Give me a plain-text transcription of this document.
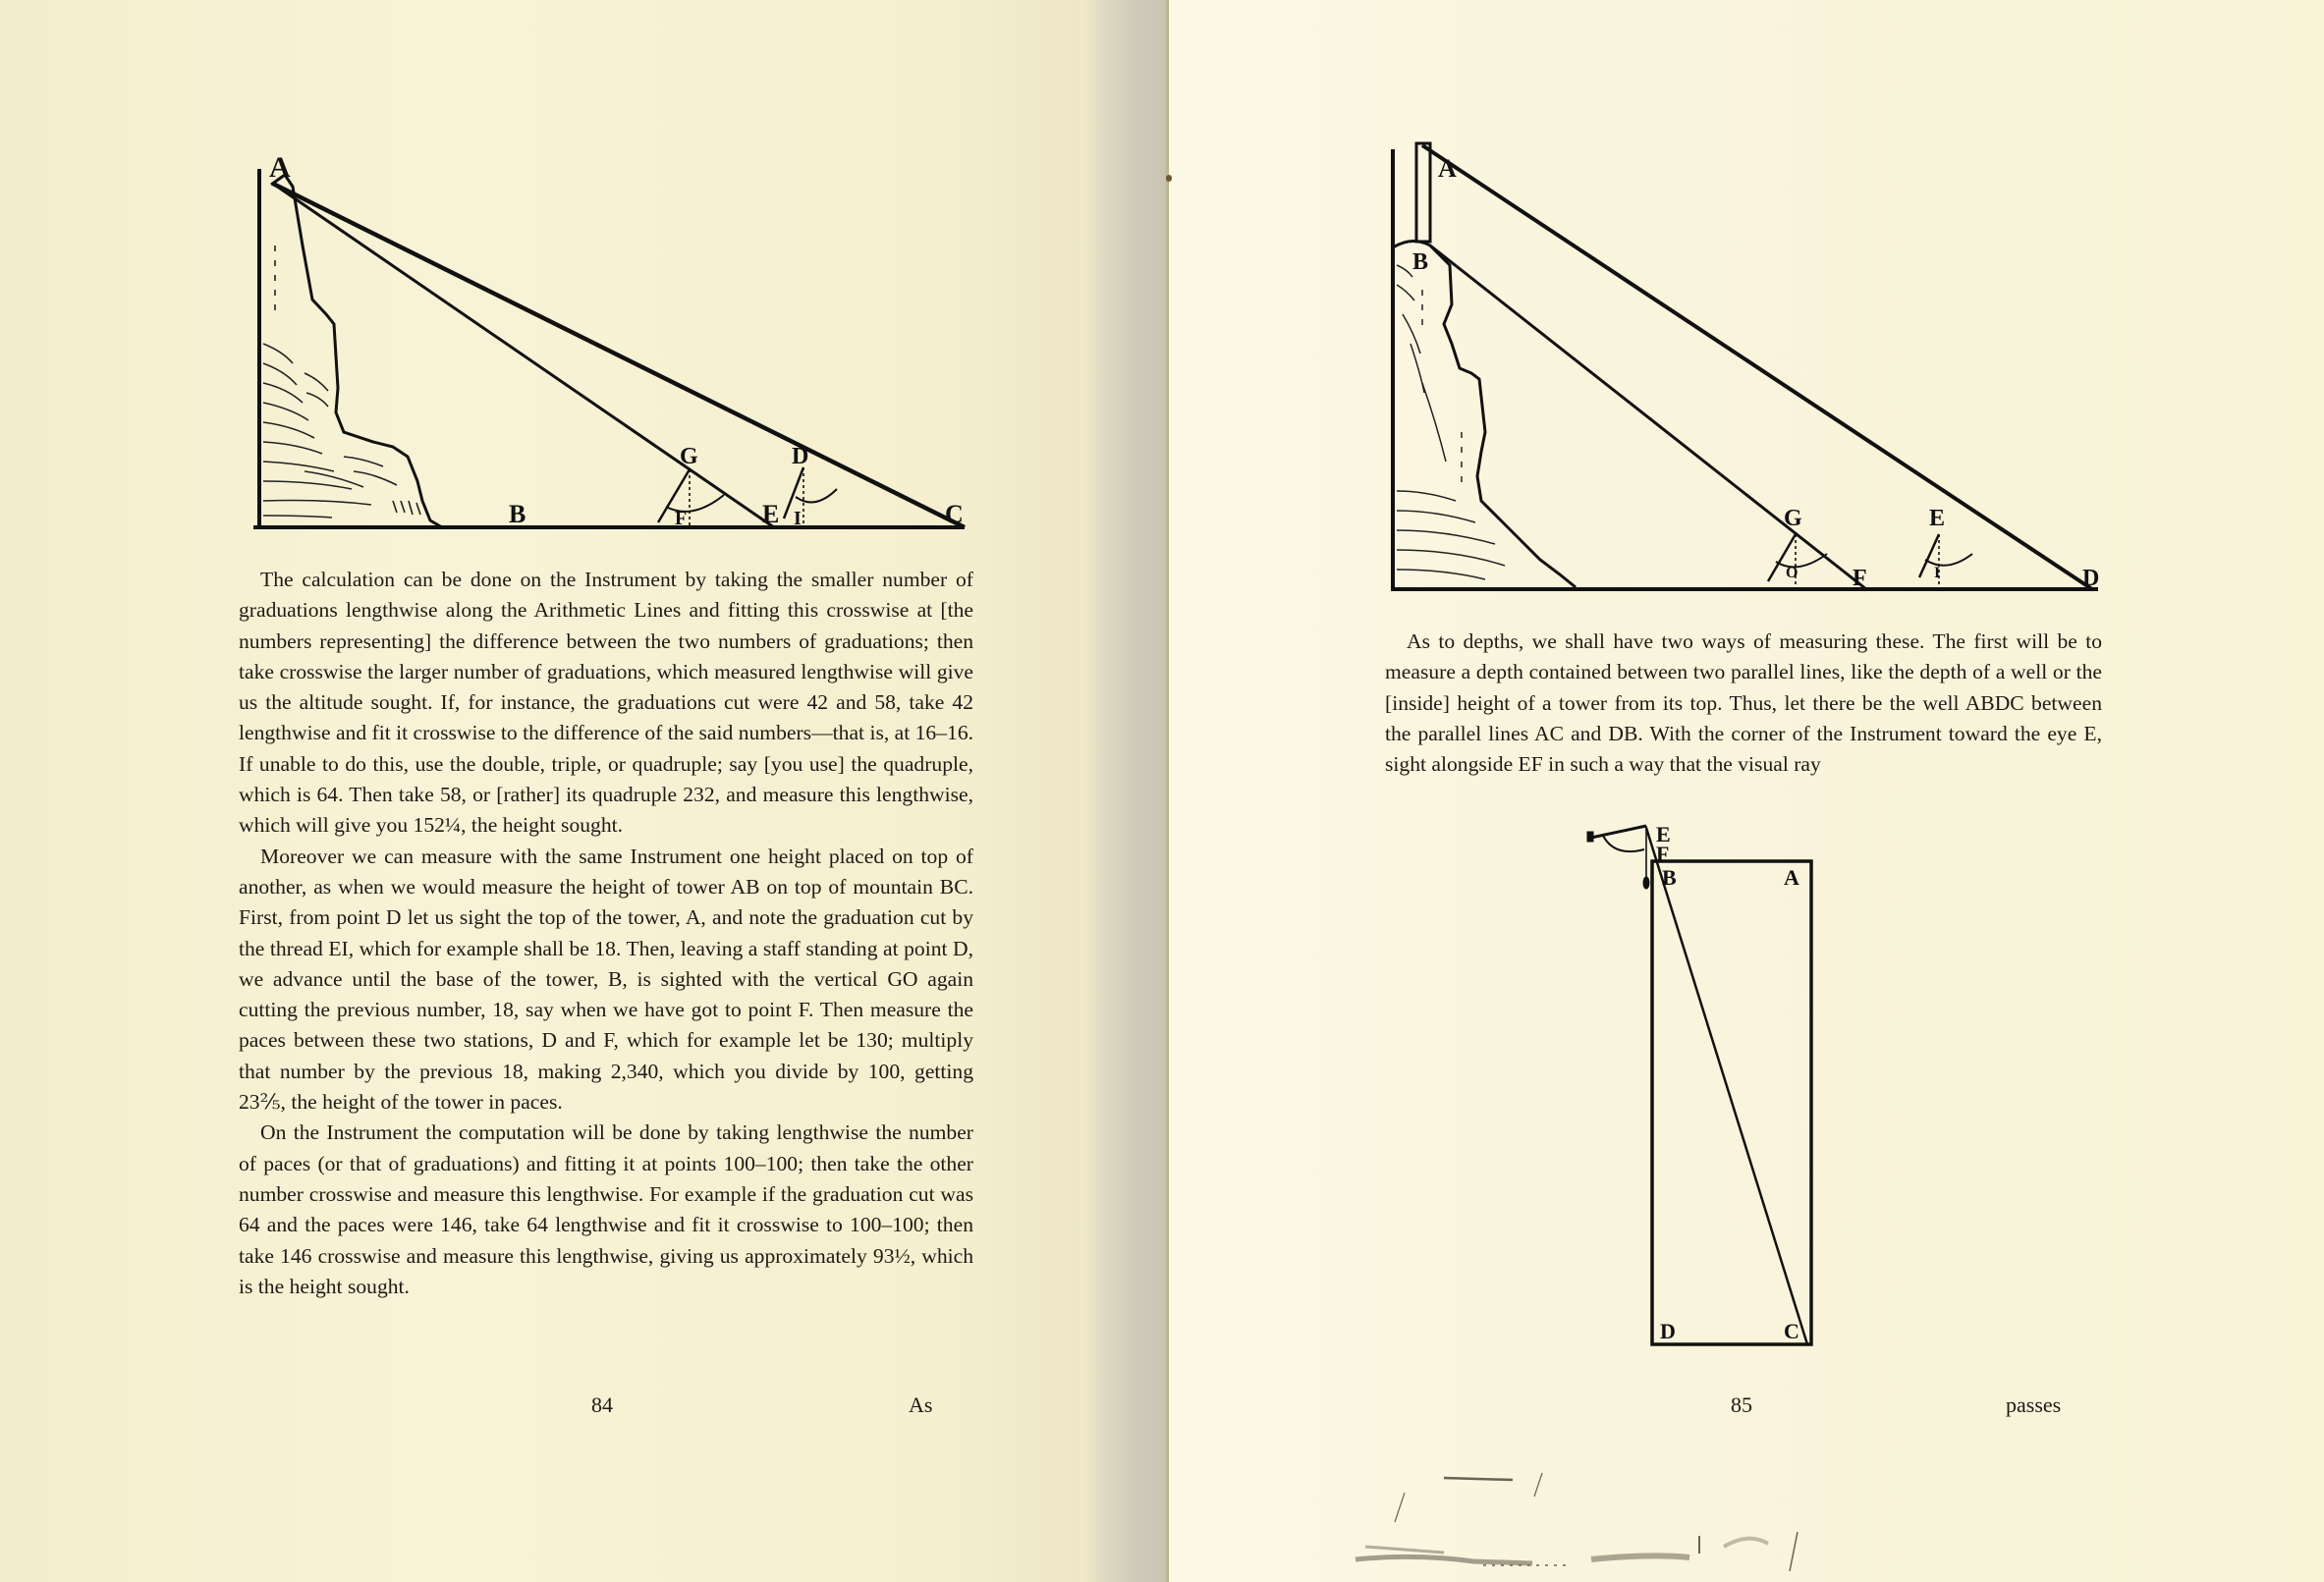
A
B
G
F	E
D
I	C

The calculation can be done on the Instrument by taking the smaller number of graduations lengthwise along the Arithmetic Lines and fitting this crosswise at [the numbers representing] the difference between the two numbers of graduations; then take crosswise the larger number of graduations, which measured lengthwise will give us the altitude sought. If, for instance, the graduations cut were 42 and 58, take 42 lengthwise and fit it crosswise to the difference of the said numbers—that is, at 16–16. If unable to do this, use the double, triple, or quadruple; say [you use] the quadruple, which is 64. Then take 58, or [rather] its quadruple 232, and measure this lengthwise, which will give you 152¼, the height sought.

Moreover we can measure with the same Instrument one height placed on top of another, as when we would measure the height of tower AB on top of mountain BC. First, from point D let us sight the top of the tower, A, and note the graduation cut by the thread EI, which for example shall be 18. Then, leaving a staff standing at point D, we advance until the base of the tower, B, is sighted with the vertical GO again cutting the previous number, 18, say when we have got to point F. Then measure the paces between these two stations, D and F, which for example let be 130; multiply that number by the previous 18, making 2,340, which you divide by 100, getting 23⅖, the height of the tower in paces.

On the Instrument the computation will be done by taking lengthwise the number of paces (or that of graduations) and fitting it at points 100–100; then take the other number crosswise and measure this lengthwise. For example if the graduation cut was 64 and the paces were 146, take 64 lengthwise and fit it crosswise to 100–100; then take 146 crosswise and measure this lengthwise, giving us approximately 93½, which is the height sought.

84	As
A
B
G
O F
E
I	D

As to depths, we shall have two ways of measuring these. The first will be to measure a depth contained between two parallel lines, like the depth of a well or the [inside] height of a tower from its top. Thus, let there be the well ABDC between the parallel lines AC and DB. With the corner of the Instrument toward the eye E, sight alongside EF in such a way that the visual ray

E
F
B	A
D	C
85	passes
